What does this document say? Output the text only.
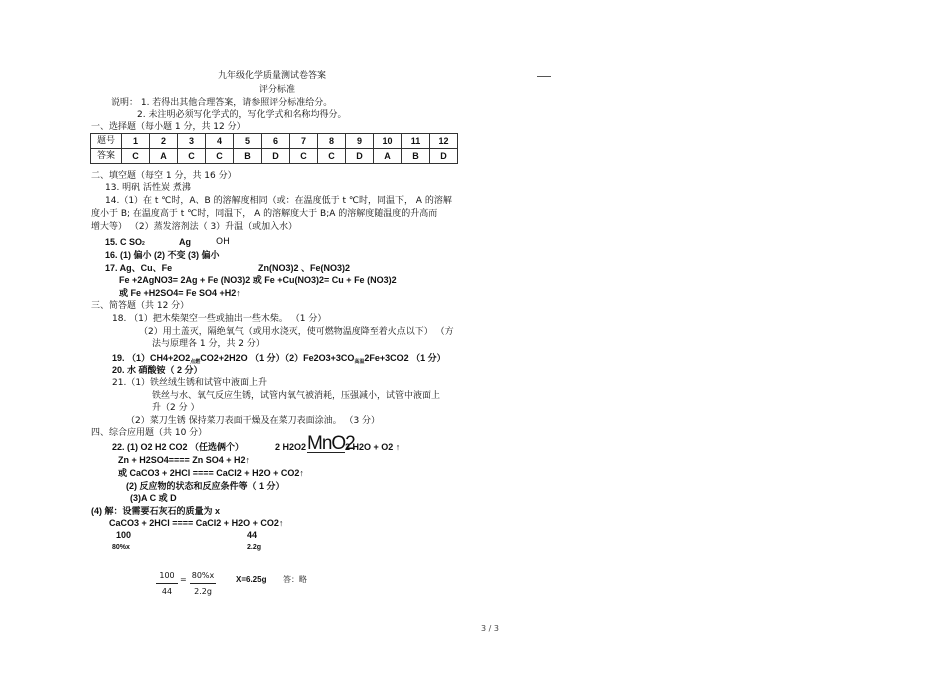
九年级化学质量测试卷答案
评分标准
说明： 1. 若得出其他合理答案，请参照评分标准给分。
2. 未注明必须写化学式的，写化学式和名称均得分。
一、选择题（每小题 1 分，共 12 分）
题号	1	2	3	4	5	6	7	8	9	10	11	12
答案	C	A	C	C	B	D	C	C	D	A	B	D
二、填空题（每空 1 分，共 16 分）
13. 明矾 活性炭 煮沸
14.（1）在 t ℃时，A、B 的溶解度相同（或：在温度低于 t ℃时，同温下， A 的溶解
度小于 B; 在温度高于 t ℃时，同温下， A 的溶解度大于 B;A 的溶解度随温度的升高而
增大等） （2）蒸发溶剂法（ 3）升温（或加入水）
15. C SO2	Ag	OH
16. (1) 偏小 (2) 不变 (3) 偏小
17. Ag、Cu、Fe	Zn(NO3)2 、Fe(NO3)2
Fe +2AgNO3= 2Ag + Fe (NO3)2 或 Fe +Cu(NO3)2= Cu + Fe (NO3)2
或 Fe +H2SO4= Fe SO4 +H2↑
三、简答题（共 12 分）
18. （1）把木柴架空一些或抽出一些木柴。 （1 分）
（2）用土盖灭，隔绝氧气（或用水浇灭，使可燃物温度降至着火点以下） （方
法与原理各 1 分，共 2 分）
19. （1）CH4+2O2 点燃 CO2+2H2O （1 分）（2）Fe2O3+3CO 高温 2Fe+3CO2 （1 分）
20. 水 硝酸铵（ 2 分）
21.（1）铁丝绒生锈和试管中液面上升
铁丝与水、氧气反应生锈，试管内氧气被消耗，压强减小，试管中液面上
升（2 分 ）
（2）菜刀生锈 保持菜刀表面干燥及在菜刀表面涂油。 （3 分）
四、综合应用题（共 10 分）
22. (1) O2 H2 CO2 （任选俩个）	2 H2O2 MnO2
2 H2O + O2 ↑
Zn + H2SO4==== Zn SO4 + H2↑
或 CaCO3 + 2HCl ==== CaCl2 + H2O + CO2↑
(2) 反应物的状态和反应条件等（ 1 分）
(3)A C 或 D
(4) 解：设需要石灰石的质量为 x
CaCO3 + 2HCl ==== CaCl2 + H2O + CO2↑
100	44
80%x	2.2g
100
44
= 80%x
2.2g
X=6.25g 答：略
3 / 3
